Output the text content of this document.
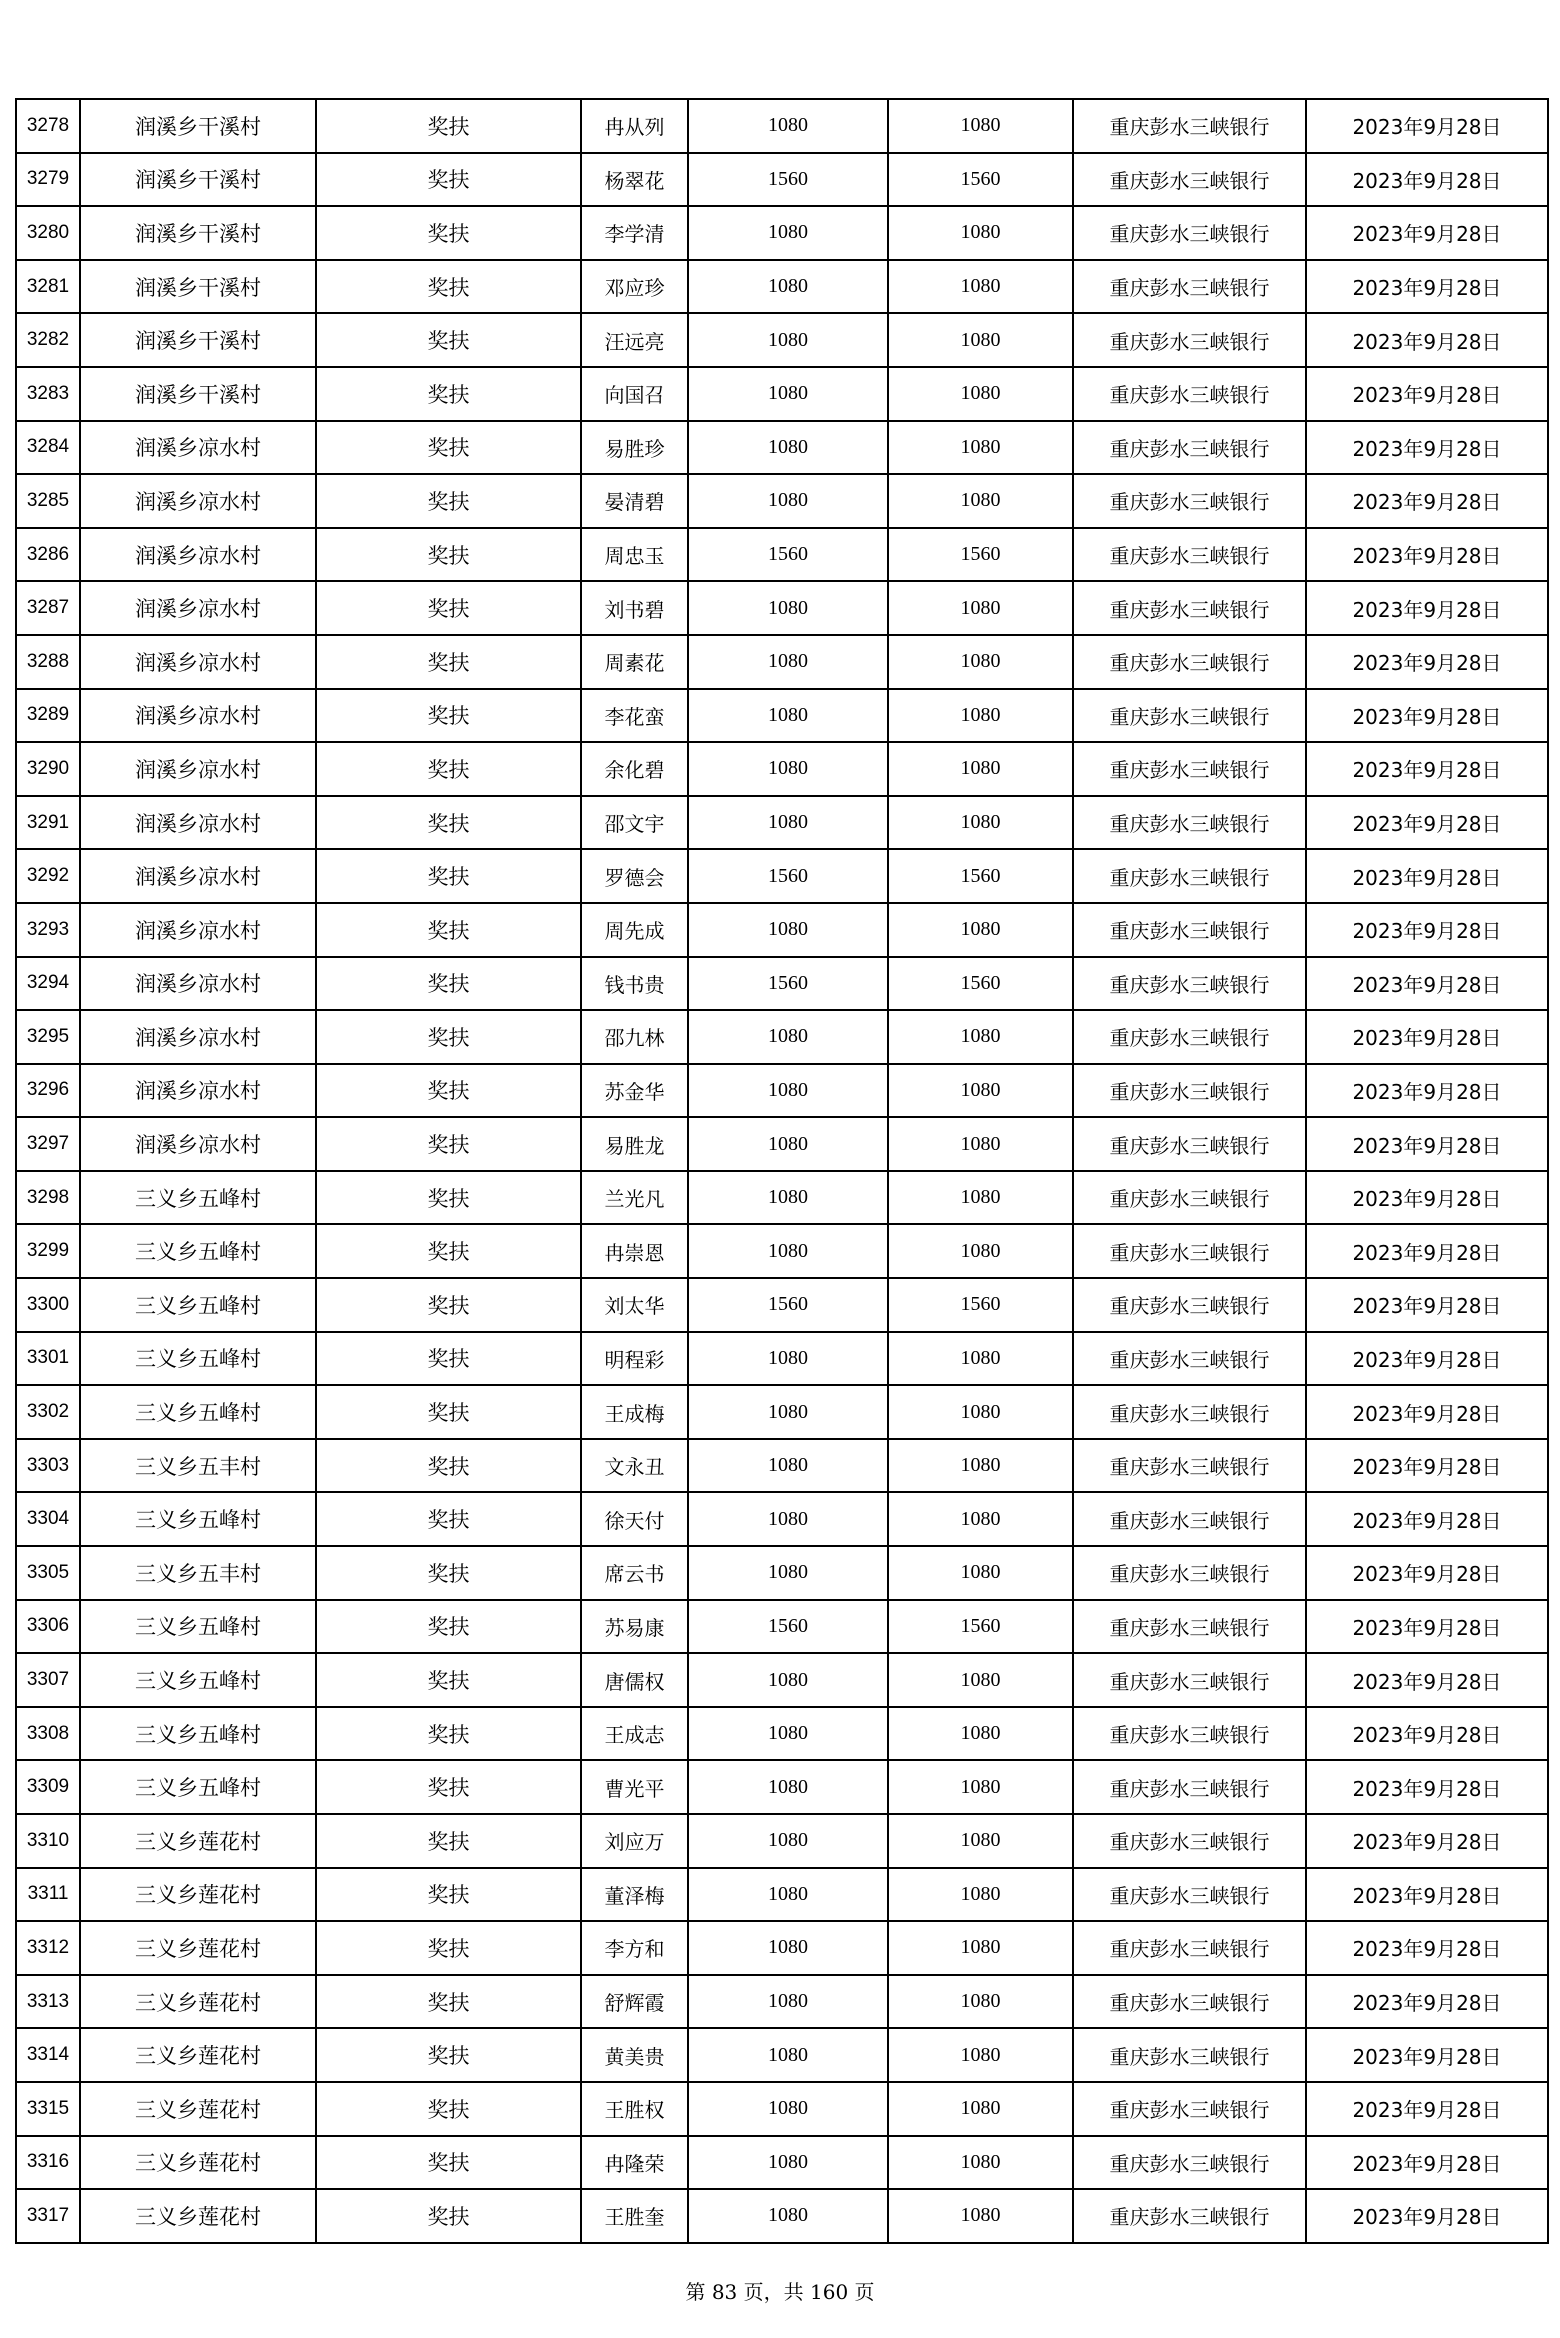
3278	润溪乡干溪村	奖扶	冉从列	1080	1080	重庆彭水三峡银行	2023年9月28日
3279	润溪乡干溪村	奖扶	杨翠花	1560	1560	重庆彭水三峡银行	2023年9月28日
3280	润溪乡干溪村	奖扶	李学清	1080	1080	重庆彭水三峡银行	2023年9月28日
3281	润溪乡干溪村	奖扶	邓应珍	1080	1080	重庆彭水三峡银行	2023年9月28日
3282	润溪乡干溪村	奖扶	汪远亮	1080	1080	重庆彭水三峡银行	2023年9月28日
3283	润溪乡干溪村	奖扶	向国召	1080	1080	重庆彭水三峡银行	2023年9月28日
3284	润溪乡凉水村	奖扶	易胜珍	1080	1080	重庆彭水三峡银行	2023年9月28日
3285	润溪乡凉水村	奖扶	晏清碧	1080	1080	重庆彭水三峡银行	2023年9月28日
3286	润溪乡凉水村	奖扶	周忠玉	1560	1560	重庆彭水三峡银行	2023年9月28日
3287	润溪乡凉水村	奖扶	刘书碧	1080	1080	重庆彭水三峡银行	2023年9月28日
3288	润溪乡凉水村	奖扶	周素花	1080	1080	重庆彭水三峡银行	2023年9月28日
3289	润溪乡凉水村	奖扶	李花蛮	1080	1080	重庆彭水三峡银行	2023年9月28日
3290	润溪乡凉水村	奖扶	余化碧	1080	1080	重庆彭水三峡银行	2023年9月28日
3291	润溪乡凉水村	奖扶	邵文宇	1080	1080	重庆彭水三峡银行	2023年9月28日
3292	润溪乡凉水村	奖扶	罗德会	1560	1560	重庆彭水三峡银行	2023年9月28日
3293	润溪乡凉水村	奖扶	周先成	1080	1080	重庆彭水三峡银行	2023年9月28日
3294	润溪乡凉水村	奖扶	钱书贵	1560	1560	重庆彭水三峡银行	2023年9月28日
3295	润溪乡凉水村	奖扶	邵九林	1080	1080	重庆彭水三峡银行	2023年9月28日
3296	润溪乡凉水村	奖扶	苏金华	1080	1080	重庆彭水三峡银行	2023年9月28日
3297	润溪乡凉水村	奖扶	易胜龙	1080	1080	重庆彭水三峡银行	2023年9月28日
3298	三义乡五峰村	奖扶	兰光凡	1080	1080	重庆彭水三峡银行	2023年9月28日
3299	三义乡五峰村	奖扶	冉崇恩	1080	1080	重庆彭水三峡银行	2023年9月28日
3300	三义乡五峰村	奖扶	刘太华	1560	1560	重庆彭水三峡银行	2023年9月28日
3301	三义乡五峰村	奖扶	明程彩	1080	1080	重庆彭水三峡银行	2023年9月28日
3302	三义乡五峰村	奖扶	王成梅	1080	1080	重庆彭水三峡银行	2023年9月28日
3303	三义乡五丰村	奖扶	文永丑	1080	1080	重庆彭水三峡银行	2023年9月28日
3304	三义乡五峰村	奖扶	徐天付	1080	1080	重庆彭水三峡银行	2023年9月28日
3305	三义乡五丰村	奖扶	席云书	1080	1080	重庆彭水三峡银行	2023年9月28日
3306	三义乡五峰村	奖扶	苏易康	1560	1560	重庆彭水三峡银行	2023年9月28日
3307	三义乡五峰村	奖扶	唐儒权	1080	1080	重庆彭水三峡银行	2023年9月28日
3308	三义乡五峰村	奖扶	王成志	1080	1080	重庆彭水三峡银行	2023年9月28日
3309	三义乡五峰村	奖扶	曹光平	1080	1080	重庆彭水三峡银行	2023年9月28日
3310	三义乡莲花村	奖扶	刘应万	1080	1080	重庆彭水三峡银行	2023年9月28日
3311	三义乡莲花村	奖扶	董泽梅	1080	1080	重庆彭水三峡银行	2023年9月28日
3312	三义乡莲花村	奖扶	李方和	1080	1080	重庆彭水三峡银行	2023年9月28日
3313	三义乡莲花村	奖扶	舒辉霞	1080	1080	重庆彭水三峡银行	2023年9月28日
3314	三义乡莲花村	奖扶	黄美贵	1080	1080	重庆彭水三峡银行	2023年9月28日
3315	三义乡莲花村	奖扶	王胜权	1080	1080	重庆彭水三峡银行	2023年9月28日
3316	三义乡莲花村	奖扶	冉隆荣	1080	1080	重庆彭水三峡银行	2023年9月28日
3317	三义乡莲花村	奖扶	王胜奎	1080	1080	重庆彭水三峡银行	2023年9月28日
第 83 页，共 160 页
